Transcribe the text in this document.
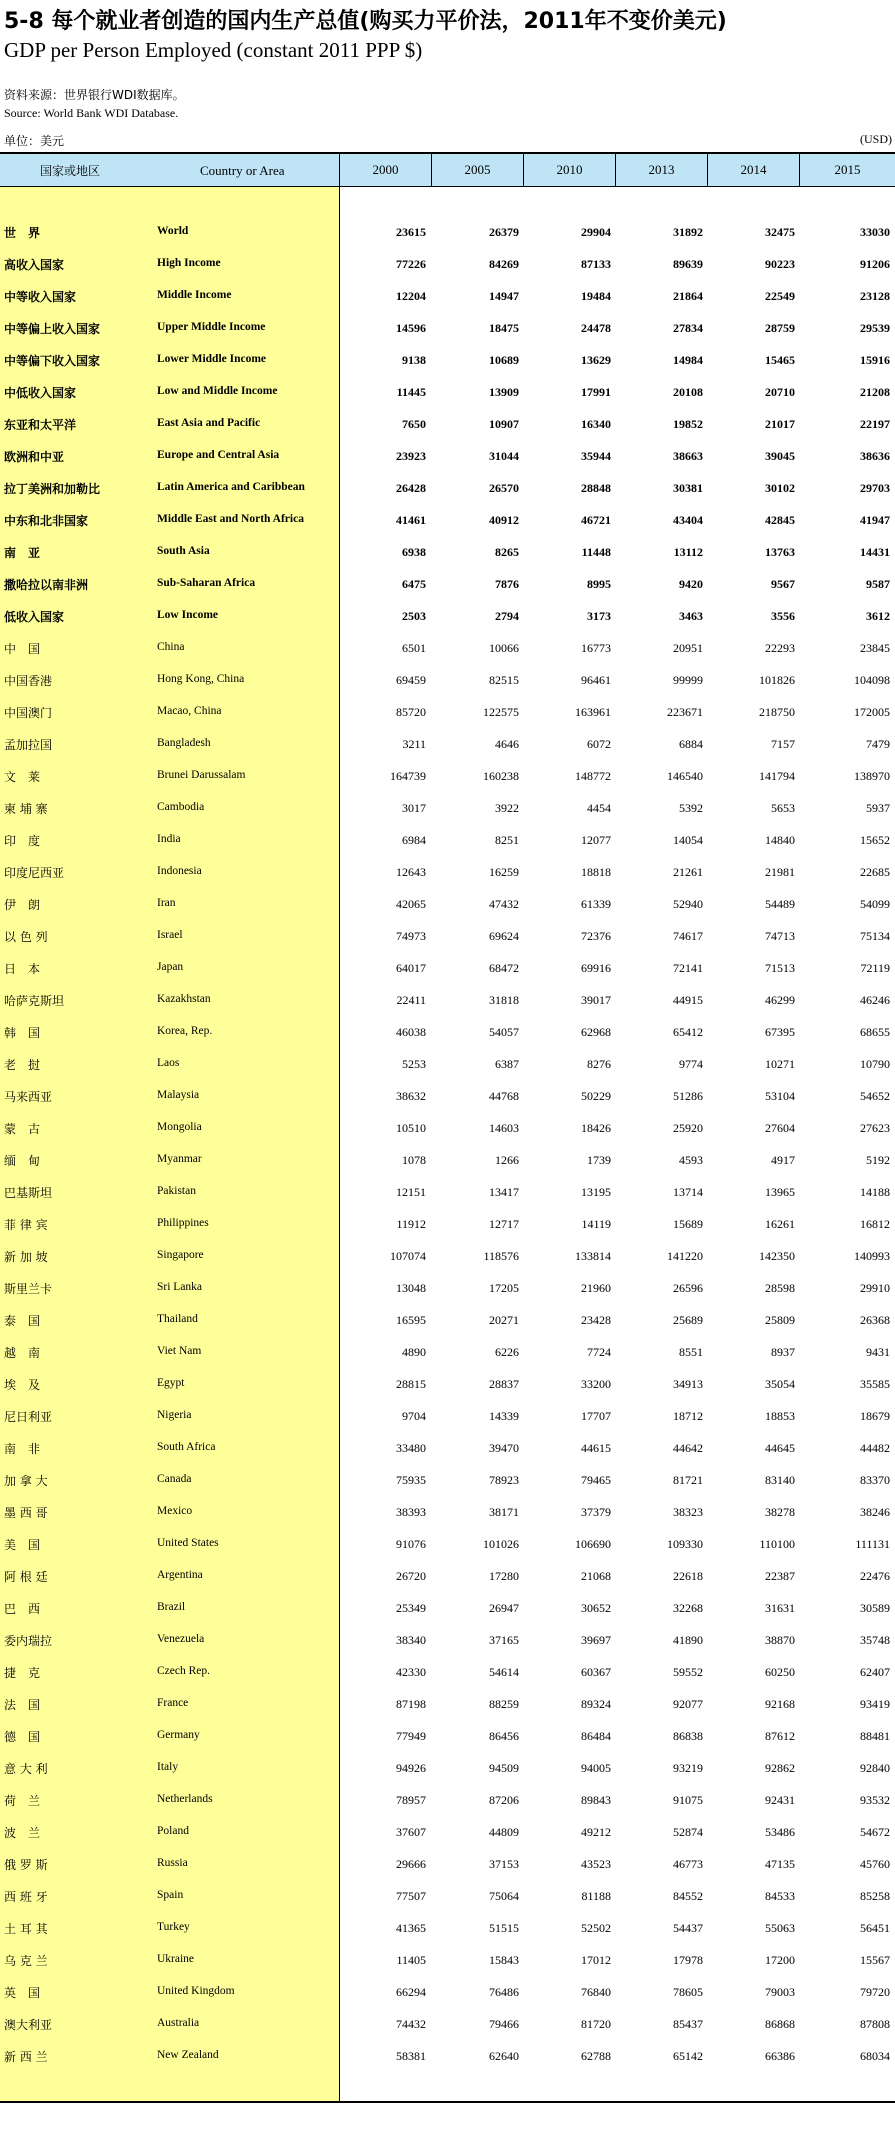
5-8 每个就业者创造的国内生产总值(购买力平价法，2011年不变价美元)
GDP per Person Employed (constant 2011 PPP $)
资料来源：世界银行WDI数据库。
Source: World Bank WDI Database.
单位：美元	(USD)
国家或地区	Country or Area	2000	2005	2010	2013	2014	2015
世　界	World	23615	26379	29904	31892	32475	33030
高收入国家	High Income	77226	84269	87133	89639	90223	91206
中等收入国家	Middle Income	12204	14947	19484	21864	22549	23128
中等偏上收入国家	Upper Middle Income	14596	18475	24478	27834	28759	29539
中等偏下收入国家	Lower Middle Income	9138	10689	13629	14984	15465	15916
中低收入国家	Low and Middle Income	11445	13909	17991	20108	20710	21208
东亚和太平洋	East Asia and Pacific	7650	10907	16340	19852	21017	22197
欧洲和中亚	Europe and Central Asia	23923	31044	35944	38663	39045	38636
拉丁美洲和加勒比	Latin America and Caribbean	26428	26570	28848	30381	30102	29703
中东和北非国家	Middle East and North Africa	41461	40912	46721	43404	42845	41947
南　亚	South Asia	6938	8265	11448	13112	13763	14431
撒哈拉以南非洲	Sub-Saharan Africa	6475	7876	8995	9420	9567	9587
低收入国家	Low Income	2503	2794	3173	3463	3556	3612
中　国	China	6501	10066	16773	20951	22293	23845
中国香港	Hong Kong, China	69459	82515	96461	99999	101826	104098
中国澳门	Macao, China	85720	122575	163961	223671	218750	172005
孟加拉国	Bangladesh	3211	4646	6072	6884	7157	7479
文　莱	Brunei Darussalam	164739	160238	148772	146540	141794	138970
柬 埔 寨	Cambodia	3017	3922	4454	5392	5653	5937
印　度	India	6984	8251	12077	14054	14840	15652
印度尼西亚	Indonesia	12643	16259	18818	21261	21981	22685
伊　朗	Iran	42065	47432	61339	52940	54489	54099
以 色 列	Israel	74973	69624	72376	74617	74713	75134
日　本	Japan	64017	68472	69916	72141	71513	72119
哈萨克斯坦	Kazakhstan	22411	31818	39017	44915	46299	46246
韩　国	Korea, Rep.	46038	54057	62968	65412	67395	68655
老　挝	Laos	5253	6387	8276	9774	10271	10790
马来西亚	Malaysia	38632	44768	50229	51286	53104	54652
蒙　古	Mongolia	10510	14603	18426	25920	27604	27623
缅　甸	Myanmar	1078	1266	1739	4593	4917	5192
巴基斯坦	Pakistan	12151	13417	13195	13714	13965	14188
菲 律 宾	Philippines	11912	12717	14119	15689	16261	16812
新 加 坡	Singapore	107074	118576	133814	141220	142350	140993
斯里兰卡	Sri Lanka	13048	17205	21960	26596	28598	29910
泰　国	Thailand	16595	20271	23428	25689	25809	26368
越　南	Viet Nam	4890	6226	7724	8551	8937	9431
埃　及	Egypt	28815	28837	33200	34913	35054	35585
尼日利亚	Nigeria	9704	14339	17707	18712	18853	18679
南　非	South Africa	33480	39470	44615	44642	44645	44482
加 拿 大	Canada	75935	78923	79465	81721	83140	83370
墨 西 哥	Mexico	38393	38171	37379	38323	38278	38246
美　国	United States	91076	101026	106690	109330	110100	111131
阿 根 廷	Argentina	26720	17280	21068	22618	22387	22476
巴　西	Brazil	25349	26947	30652	32268	31631	30589
委内瑞拉	Venezuela	38340	37165	39697	41890	38870	35748
捷　克	Czech Rep.	42330	54614	60367	59552	60250	62407
法　国	France	87198	88259	89324	92077	92168	93419
德　国	Germany	77949	86456	86484	86838	87612	88481
意 大 利	Italy	94926	94509	94005	93219	92862	92840
荷　兰	Netherlands	78957	87206	89843	91075	92431	93532
波　兰	Poland	37607	44809	49212	52874	53486	54672
俄 罗 斯	Russia	29666	37153	43523	46773	47135	45760
西 班 牙	Spain	77507	75064	81188	84552	84533	85258
土 耳 其	Turkey	41365	51515	52502	54437	55063	56451
乌 克 兰	Ukraine	11405	15843	17012	17978	17200	15567
英　国	United Kingdom	66294	76486	76840	78605	79003	79720
澳大利亚	Australia	74432	79466	81720	85437	86868	87808
新 西 兰	New Zealand	58381	62640	62788	65142	66386	68034
